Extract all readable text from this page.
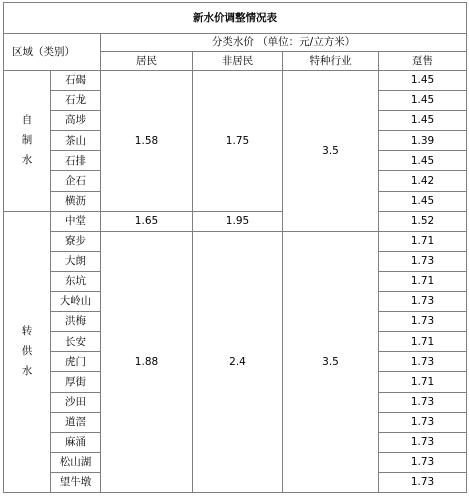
新水价调整情况表					
区域（类别）		分类水价 （单位：元/立方米）			
		居民	非居民	特种行业	趸售

自
制
水	石碣	1.58	1.75	3.5	1.45
	石龙				1.45
	高埗				1.45
	茶山				1.39
	石排				1.45
	企石				1.42
	横沥				1.45

转
供
水	中堂	1.65	1.95		1.52
	寮步	1.88	2.4	3.5	1.71
	大朗				1.73
	东坑				1.71
	大岭山				1.73
	洪梅				1.73
	长安				1.71
	虎门				1.73
	厚街				1.71
	沙田				1.73
	道滘				1.73
	麻涌				1.73
	松山湖				1.73
	望牛墩				1.73
